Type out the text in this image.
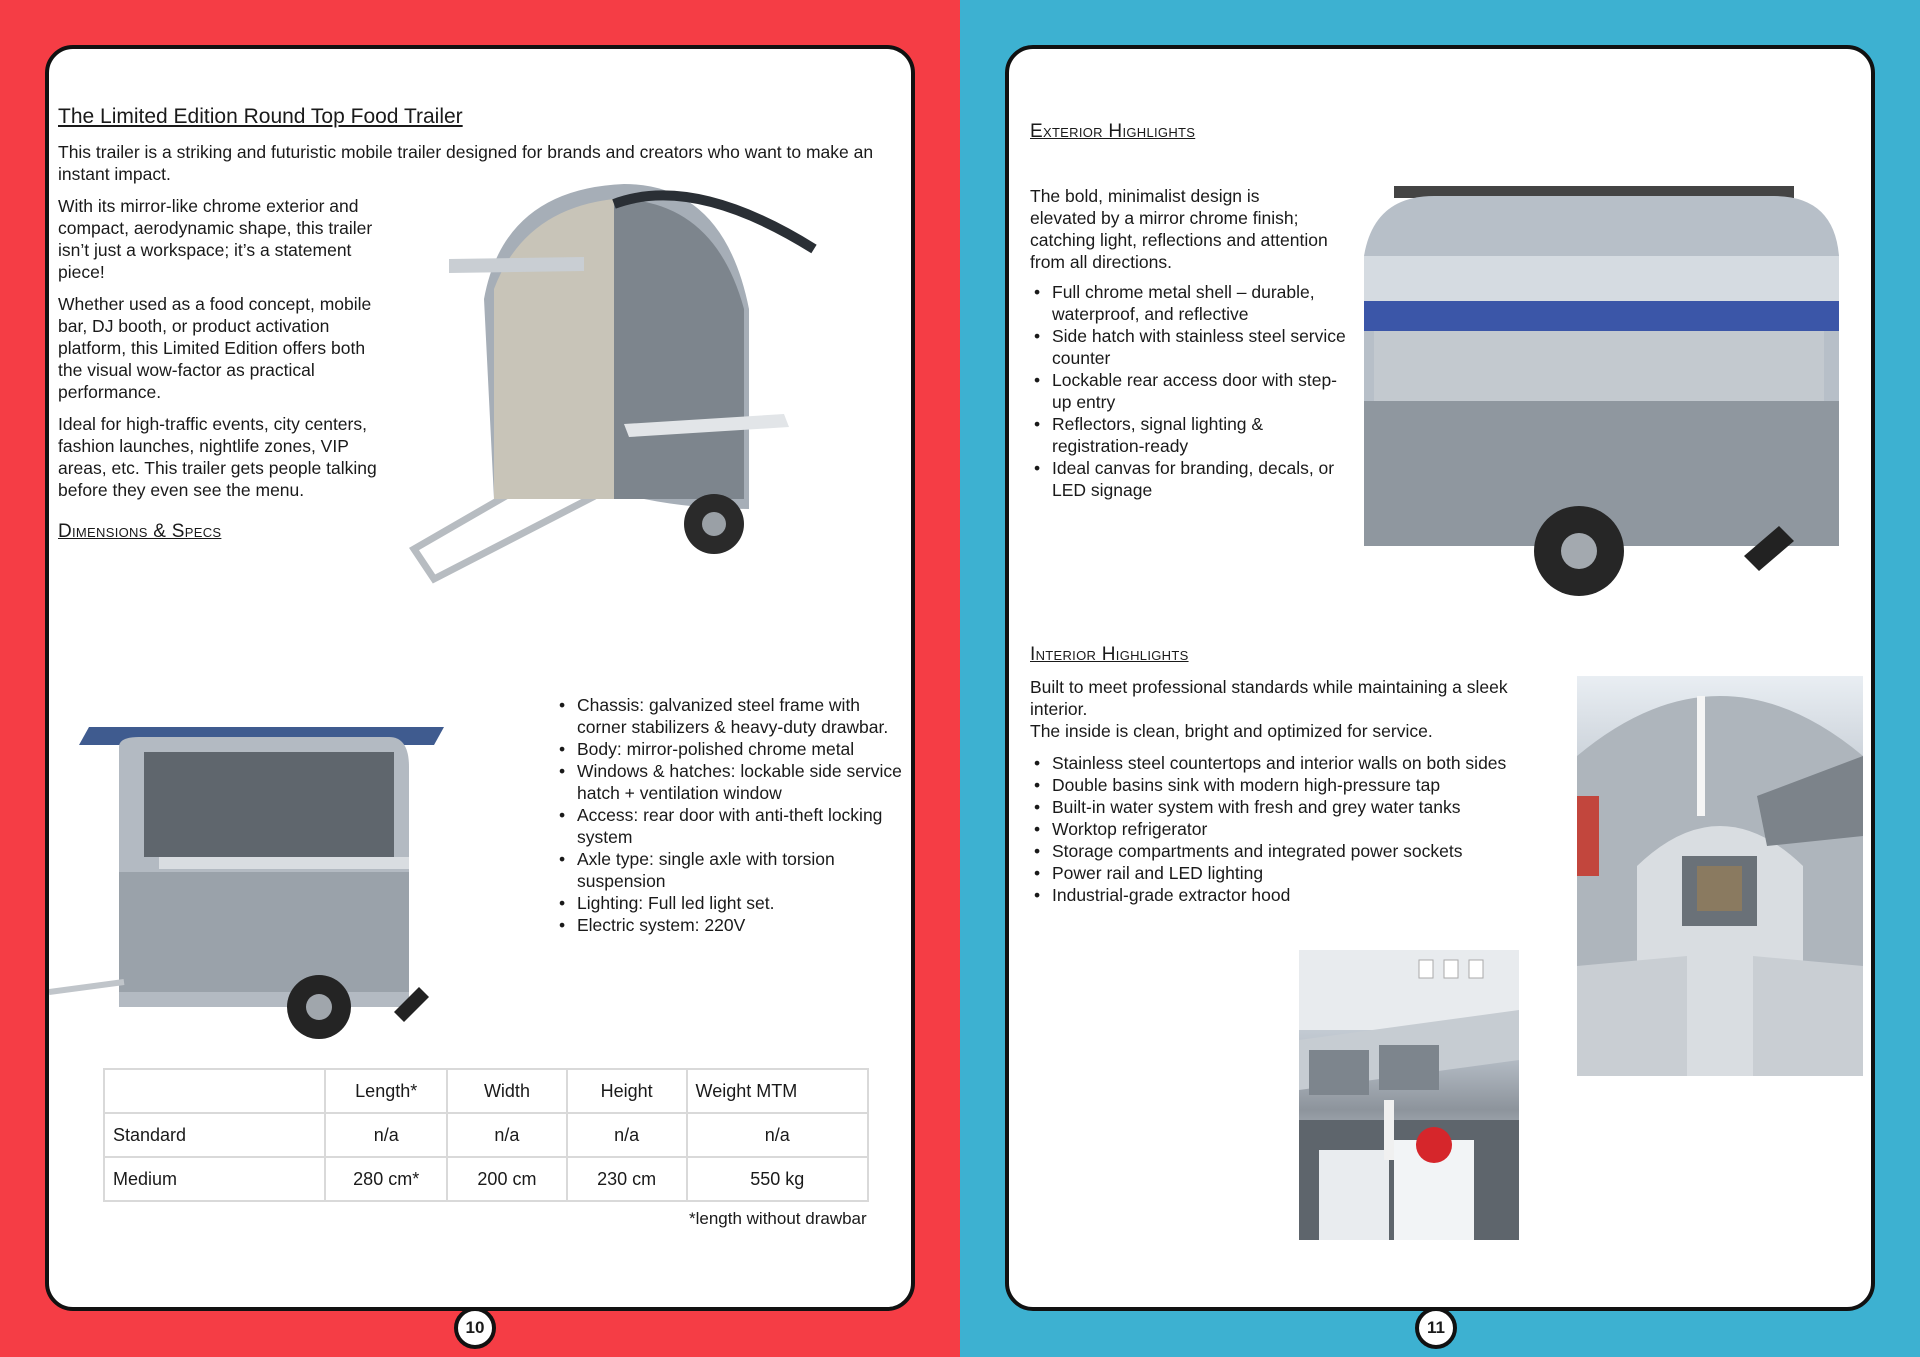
The Limited Edition Round Top Food Trailer

This trailer is a striking and futuristic mobile trailer designed for brands and creators who want to make an instant impact.

With its mirror-like chrome exterior and compact, aerodynamic shape, this trailer isn’t just a workspace; it’s a statement piece!

Whether used as a food concept, mobile bar, DJ booth, or product activation platform, this Limited Edition offers both the visual wow-factor as practical performance.

Ideal for high-traffic events, city centers, fashion launches, nightlife zones, VIP areas, etc. This trailer gets people talking before they even see the menu.

Dimensions & Specs
• Chassis: galvanized steel frame with corner stabilizers & heavy-duty drawbar.
• Body: mirror-polished chrome metal
• Windows & hatches: lockable side service hatch + ventilation window
• Access: rear door with anti-theft locking system
• Axle type: single axle with torsion suspension
• Lighting: Full led light set.
• Electric system: 220V
	Length*	Width	Height	Weight MTM
Standard	n/a	n/a	n/a	n/a
Medium	280 cm*	200 cm	230 cm	550 kg
*length without drawbar
10
Exterior Highlights

The bold, minimalist design is elevated by a mirror chrome finish; catching light, reflections and attention from all directions.

• Full chrome metal shell – durable, waterproof, and reflective
• Side hatch with stainless steel service counter
• Lockable rear access door with step-up entry
• Reflectors, signal lighting & registration-ready
• Ideal canvas for branding, decals, or LED signage
Interior Highlights

Built to meet professional standards while maintaining a sleek interior.

The inside is clean, bright and optimized for service.

• Stainless steel countertops and interior walls on both sides
• Double basins sink with modern high-pressure tap
• Built-in water system with fresh and grey water tanks
• Worktop refrigerator
• Storage compartments and integrated power sockets
• Power rail and LED lighting
• Industrial-grade extractor hood
11
